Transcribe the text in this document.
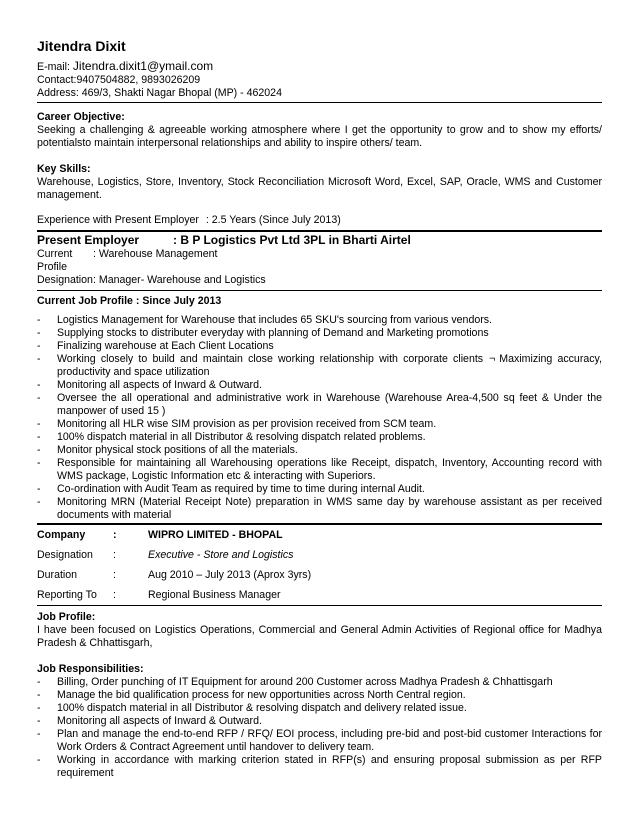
Jitendra Dixit

E-mail: Jitendra.dixit1@ymail.com

Contact:9407504882, 9893026209

Address: 469/3, Shakti Nagar Bhopal (MP) - 462024

Career Objective:

Seeking a challenging & agreeable working atmosphere where I get the opportunity to grow and to show my efforts/ potentialsto maintain interpersonal relationships and ability to inspire others/ team.

Key Skills:

Warehouse, Logistics, Store, Inventory, Stock Reconciliation Microsoft Word, Excel, SAP, Oracle, WMS and Customer management.

Experience with Present Employer : 2.5 Years (Since July 2013)

Present Employer	: B P Logistics Pvt Ltd 3PL in Bharti Airtel
Current Profile
: Warehouse Management
Designation : Manager- Warehouse and Logistics

Current Job Profile : Since July 2013

- Logistics Management for Warehouse that includes 65 SKU's sourcing from various vendors.
- Supplying stocks to distributer everyday with planning of Demand and Marketing promotions
- Finalizing warehouse at Each Client Locations
- Working closely to build and maintain close working relationship with corporate clients ¬ Maximizing accuracy, productivity and space utilization
- Monitoring all aspects of Inward & Outward.
- Oversee the all operational and administrative work in Warehouse (Warehouse Area-4,500 sq feet & Under the manpower of used 15 )
- Monitoring all HLR wise SIM provision as per provision received from SCM team.
- 100% dispatch material in all Distributor & resolving dispatch related problems.
- Monitor physical stock positions of all the materials.
- Responsible for maintaining all Warehousing operations like Receipt, dispatch, Inventory, Accounting record with WMS package, Logistic Information etc & interacting with Superiors.
- Co-ordination with Audit Team as required by time to time during internal Audit.
- Monitoring MRN (Material Receipt Note) preparation in WMS same day by warehouse assistant as per received documents with material
Company	:	WIPRO LIMITED - BHOPAL
Designation	:	Executive - Store and Logistics
Duration	:	Aug 2010 – July 2013 (Aprox 3yrs)
Reporting To	:	Regional Business Manager

Job Profile:

I have been focused on Logistics Operations, Commercial and General Admin Activities of Regional office for Madhya Pradesh & Chhattisgarh,

Job Responsibilities:

- Billing, Order punching of IT Equipment for around 200 Customer across Madhya Pradesh & Chhattisgarh
- Manage the bid qualification process for new opportunities across North Central region.
- 100% dispatch material in all Distributor & resolving dispatch and delivery related issue.
- Monitoring all aspects of Inward & Outward.
- Plan and manage the end-to-end RFP / RFQ/ EOI process, including pre-bid and post-bid customer Interactions for Work Orders & Contract Agreement until handover to delivery team.
- Working in accordance with marking criterion stated in RFP(s) and ensuring proposal submission as per RFP requirement
